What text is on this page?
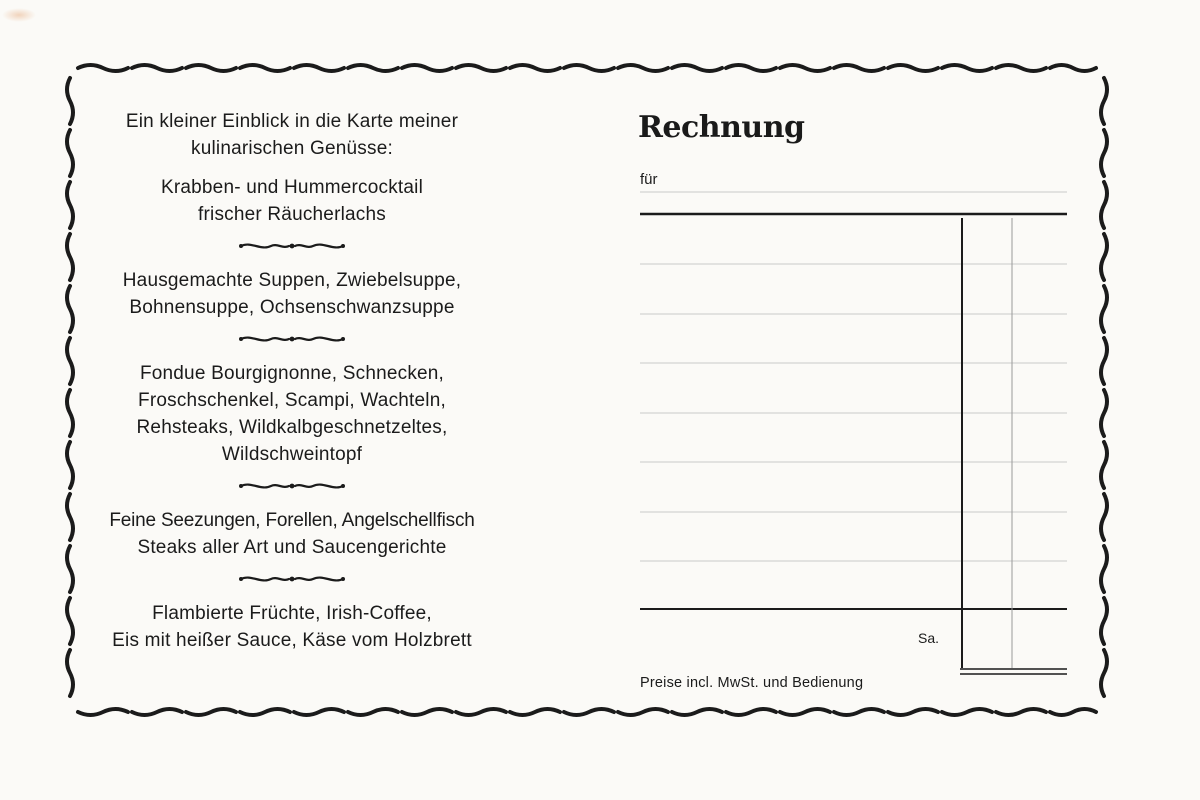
Ein kleiner Einblick in die Karte meiner

kulinarischen Genüsse:

Krabben- und Hummercocktail

frischer Räucherlachs

Hausgemachte Suppen, Zwiebelsuppe,

Bohnensuppe, Ochsenschwanzsuppe

Fondue Bourgignonne, Schnecken,

Froschschenkel, Scampi, Wachteln,

Rehsteaks, Wildkalbgeschnetzeltes,

Wildschweintopf

Feine Seezungen, Forellen, Angelschellfisch

Steaks aller Art und Saucengerichte

Flambierte Früchte, Irish-Coffee,

Eis mit heißer Sauce, Käse vom Holzbrett

Rechnung
für
Sa.
Preise incl. MwSt. und Bedienung
